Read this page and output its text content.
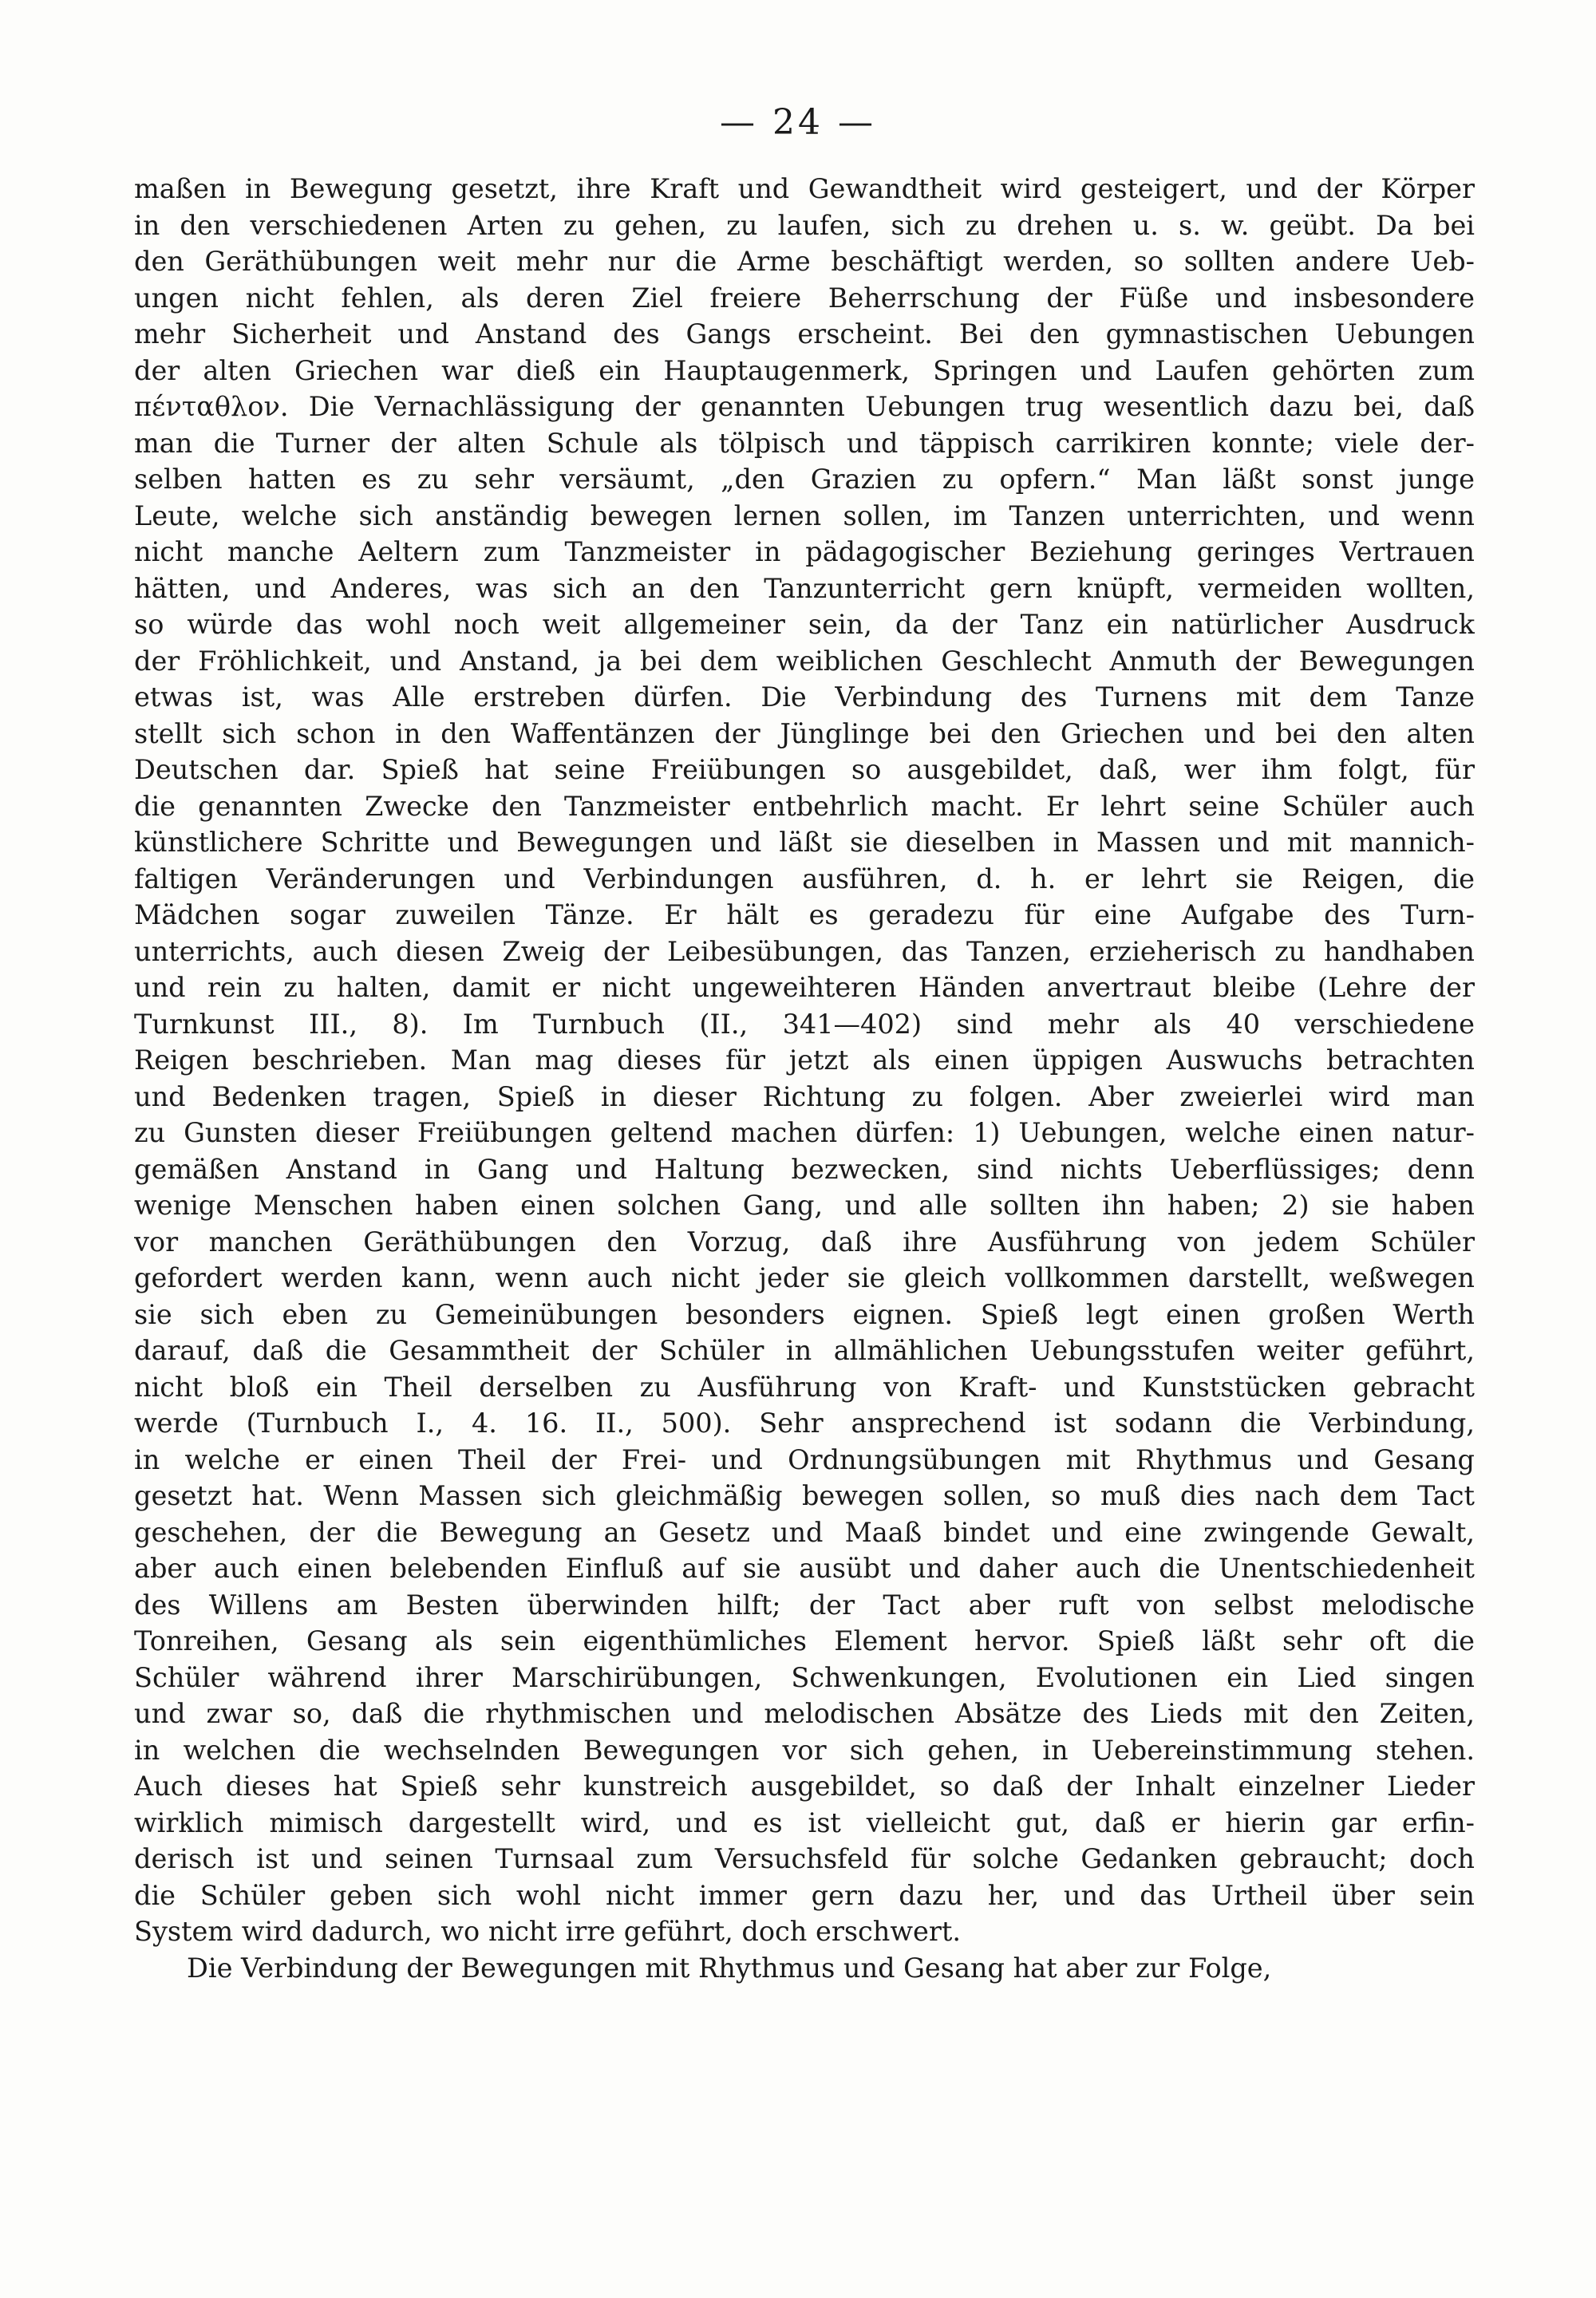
— 24 —
maßen in Bewegung gesetzt, ihre Kraft und Gewandtheit wird gesteigert, und der Körper
in den verschiedenen Arten zu gehen, zu laufen, sich zu drehen u. s. w. geübt. Da bei
den Geräthübungen weit mehr nur die Arme beschäftigt werden, so sollten andere Ueb-
ungen nicht fehlen, als deren Ziel freiere Beherrschung der Füße und insbesondere
mehr Sicherheit und Anstand des Gangs erscheint. Bei den gymnastischen Uebungen
der alten Griechen war dieß ein Hauptaugenmerk, Springen und Laufen gehörten zum
πένταθλον. Die Vernachlässigung der genannten Uebungen trug wesentlich dazu bei, daß
man die Turner der alten Schule als tölpisch und täppisch carrikiren konnte; viele der-
selben hatten es zu sehr versäumt, „den Grazien zu opfern.“ Man läßt sonst junge
Leute, welche sich anständig bewegen lernen sollen, im Tanzen unterrichten, und wenn
nicht manche Aeltern zum Tanzmeister in pädagogischer Beziehung geringes Vertrauen
hätten, und Anderes, was sich an den Tanzunterricht gern knüpft, vermeiden wollten,
so würde das wohl noch weit allgemeiner sein, da der Tanz ein natürlicher Ausdruck
der Fröhlichkeit, und Anstand, ja bei dem weiblichen Geschlecht Anmuth der Bewegungen
etwas ist, was Alle erstreben dürfen. Die Verbindung des Turnens mit dem Tanze
stellt sich schon in den Waffentänzen der Jünglinge bei den Griechen und bei den alten
Deutschen dar. Spieß hat seine Freiübungen so ausgebildet, daß, wer ihm folgt, für
die genannten Zwecke den Tanzmeister entbehrlich macht. Er lehrt seine Schüler auch
künstlichere Schritte und Bewegungen und läßt sie dieselben in Massen und mit mannich-
faltigen Veränderungen und Verbindungen ausführen, d. h. er lehrt sie Reigen, die
Mädchen sogar zuweilen Tänze. Er hält es geradezu für eine Aufgabe des Turn-
unterrichts, auch diesen Zweig der Leibesübungen, das Tanzen, erzieherisch zu handhaben
und rein zu halten, damit er nicht ungeweihteren Händen anvertraut bleibe (Lehre der
Turnkunst III., 8). Im Turnbuch (II., 341—402) sind mehr als 40 verschiedene
Reigen beschrieben. Man mag dieses für jetzt als einen üppigen Auswuchs betrachten
und Bedenken tragen, Spieß in dieser Richtung zu folgen. Aber zweierlei wird man
zu Gunsten dieser Freiübungen geltend machen dürfen: 1) Uebungen, welche einen natur-
gemäßen Anstand in Gang und Haltung bezwecken, sind nichts Ueberflüssiges; denn
wenige Menschen haben einen solchen Gang, und alle sollten ihn haben; 2) sie haben
vor manchen Geräthübungen den Vorzug, daß ihre Ausführung von jedem Schüler
gefordert werden kann, wenn auch nicht jeder sie gleich vollkommen darstellt, weßwegen
sie sich eben zu Gemeinübungen besonders eignen. Spieß legt einen großen Werth
darauf, daß die Gesammtheit der Schüler in allmählichen Uebungsstufen weiter geführt,
nicht bloß ein Theil derselben zu Ausführung von Kraft- und Kunststücken gebracht
werde (Turnbuch I., 4. 16. II., 500). Sehr ansprechend ist sodann die Verbindung,
in welche er einen Theil der Frei- und Ordnungsübungen mit Rhythmus und Gesang
gesetzt hat. Wenn Massen sich gleichmäßig bewegen sollen, so muß dies nach dem Tact
geschehen, der die Bewegung an Gesetz und Maaß bindet und eine zwingende Gewalt,
aber auch einen belebenden Einfluß auf sie ausübt und daher auch die Unentschiedenheit
des Willens am Besten überwinden hilft; der Tact aber ruft von selbst melodische
Tonreihen, Gesang als sein eigenthümliches Element hervor. Spieß läßt sehr oft die
Schüler während ihrer Marschirübungen, Schwenkungen, Evolutionen ein Lied singen
und zwar so, daß die rhythmischen und melodischen Absätze des Lieds mit den Zeiten,
in welchen die wechselnden Bewegungen vor sich gehen, in Uebereinstimmung stehen.
Auch dieses hat Spieß sehr kunstreich ausgebildet, so daß der Inhalt einzelner Lieder
wirklich mimisch dargestellt wird, und es ist vielleicht gut, daß er hierin gar erfin-
derisch ist und seinen Turnsaal zum Versuchsfeld für solche Gedanken gebraucht; doch
die Schüler geben sich wohl nicht immer gern dazu her, und das Urtheil über sein
System wird dadurch, wo nicht irre geführt, doch erschwert.
Die Verbindung der Bewegungen mit Rhythmus und Gesang hat aber zur Folge,
